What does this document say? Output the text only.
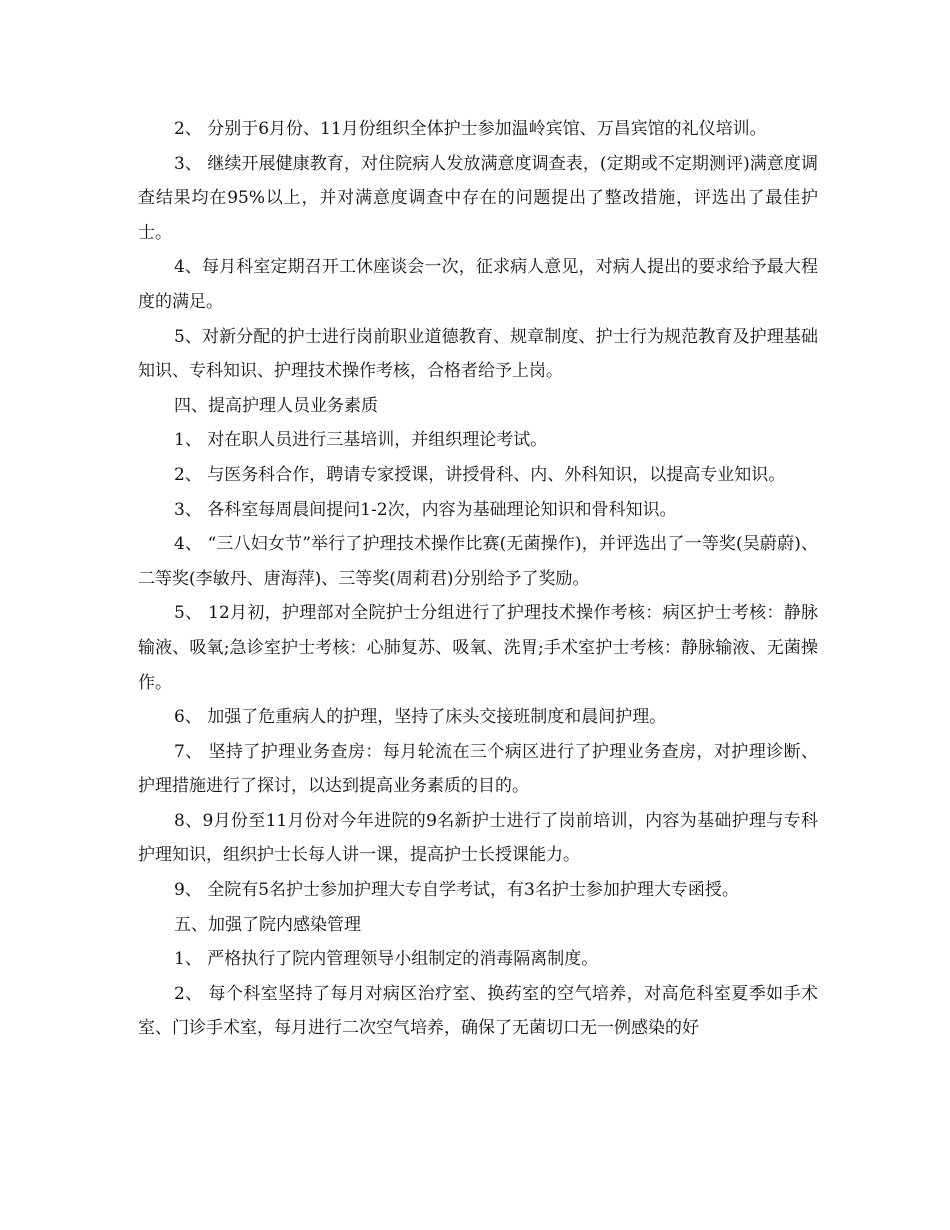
2、 分别于6月份、11月份组织全体护士参加温岭宾馆、万昌宾馆的礼仪培训。

3、 继续开展健康教育，对住院病人发放满意度调查表，(定期或不定期测评)满意度调查结果均在95%以上，并对满意度调查中存在的问题提出了整改措施，评选出了最佳护士。

4、每月科室定期召开工休座谈会一次，征求病人意见，对病人提出的要求给予最大程度的满足。

5、对新分配的护士进行岗前职业道德教育、规章制度、护士行为规范教育及护理基础知识、专科知识、护理技术操作考核，合格者给予上岗。

四、提高护理人员业务素质

1、 对在职人员进行三基培训，并组织理论考试。

2、 与医务科合作，聘请专家授课，讲授骨科、内、外科知识，以提高专业知识。

3、 各科室每周晨间提问1-2次，内容为基础理论知识和骨科知识。

4、 “三八妇女节”举行了护理技术操作比赛(无菌操作)，并评选出了一等奖(吴蔚蔚)、二等奖(李敏丹、唐海萍)、三等奖(周莉君)分别给予了奖励。

5、 12月初，护理部对全院护士分组进行了护理技术操作考核：病区护士考核：静脉输液、吸氧;急诊室护士考核：心肺复苏、吸氧、洗胃;手术室护士考核：静脉输液、无菌操作。

6、 加强了危重病人的护理，坚持了床头交接班制度和晨间护理。

7、 坚持了护理业务查房：每月轮流在三个病区进行了护理业务查房，对护理诊断、护理措施进行了探讨，以达到提高业务素质的目的。

8、9月份至11月份对今年进院的9名新护士进行了岗前培训，内容为基础护理与专科护理知识，组织护士长每人讲一课，提高护士长授课能力。

9、 全院有5名护士参加护理大专自学考试，有3名护士参加护理大专函授。

五、加强了院内感染管理

1、 严格执行了院内管理领导小组制定的消毒隔离制度。

2、 每个科室坚持了每月对病区治疗室、换药室的空气培养，对高危科室夏季如手术室、门诊手术室，每月进行二次空气培养，确保了无菌切口无一例感染的好
